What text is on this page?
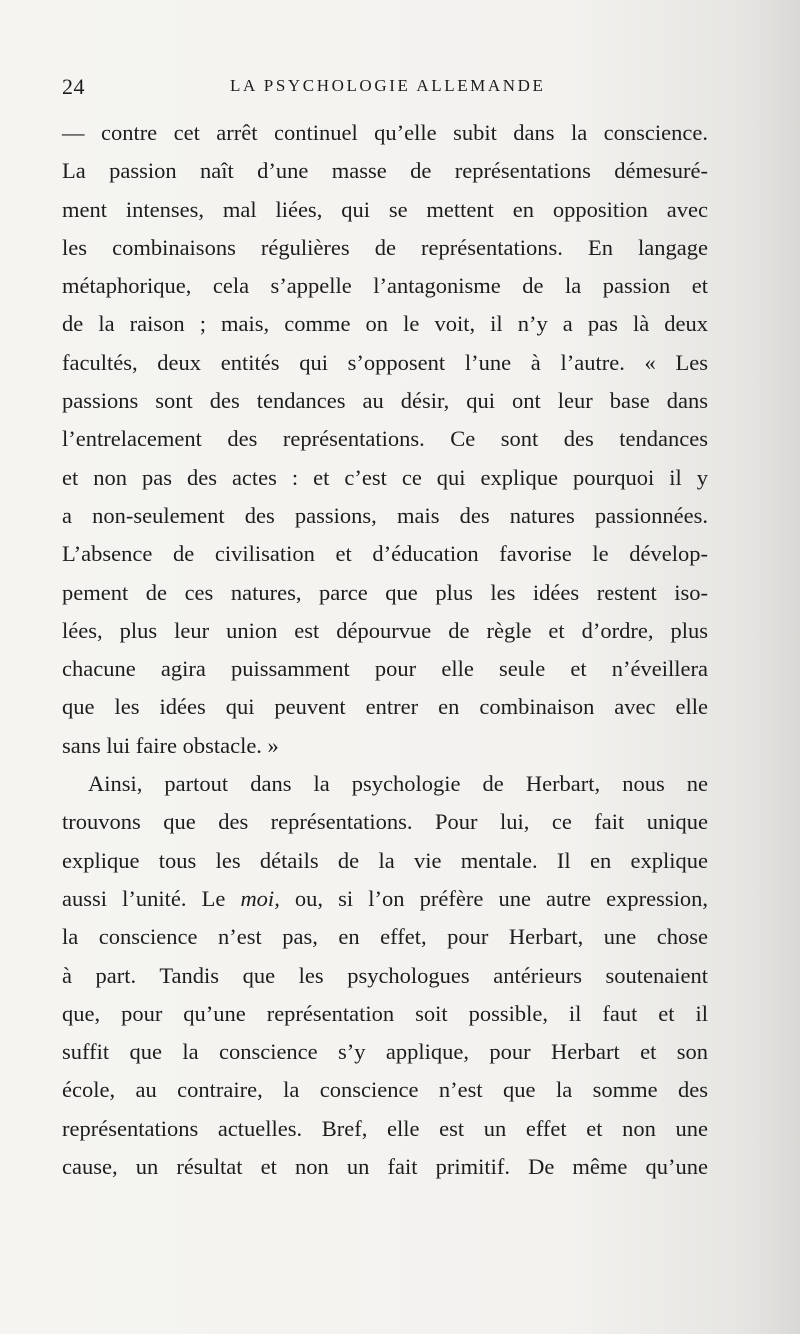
24	LA PSYCHOLOGIE ALLEMANDE
— contre cet arrêt continuel qu’elle subit dans la conscience.
La passion naît d’une masse de représentations démesuré-
ment intenses, mal liées, qui se mettent en opposition avec
les combinaisons régulières de représentations. En langage
métaphorique, cela s’appelle l’antagonisme de la passion et
de la raison ; mais, comme on le voit, il n’y a pas là deux
facultés, deux entités qui s’opposent l’une à l’autre. « Les
passions sont des tendances au désir, qui ont leur base dans
l’entrelacement des représentations. Ce sont des tendances
et non pas des actes : et c’est ce qui explique pourquoi il y
a non-seulement des passions, mais des natures passionnées.
L’absence de civilisation et d’éducation favorise le dévelop-
pement de ces natures, parce que plus les idées restent iso-
lées, plus leur union est dépourvue de règle et d’ordre, plus
chacune agira puissamment pour elle seule et n’éveillera
que les idées qui peuvent entrer en combinaison avec elle
sans lui faire obstacle. »
Ainsi, partout dans la psychologie de Herbart, nous ne
trouvons que des représentations. Pour lui, ce fait unique
explique tous les détails de la vie mentale. Il en explique
aussi l’unité. Le moi, ou, si l’on préfère une autre expression,
la conscience n’est pas, en effet, pour Herbart, une chose
à part. Tandis que les psychologues antérieurs soutenaient
que, pour qu’une représentation soit possible, il faut et il
suffit que la conscience s’y applique, pour Herbart et son
école, au contraire, la conscience n’est que la somme des
représentations actuelles. Bref, elle est un effet et non une
cause, un résultat et non un fait primitif. De même qu’une
